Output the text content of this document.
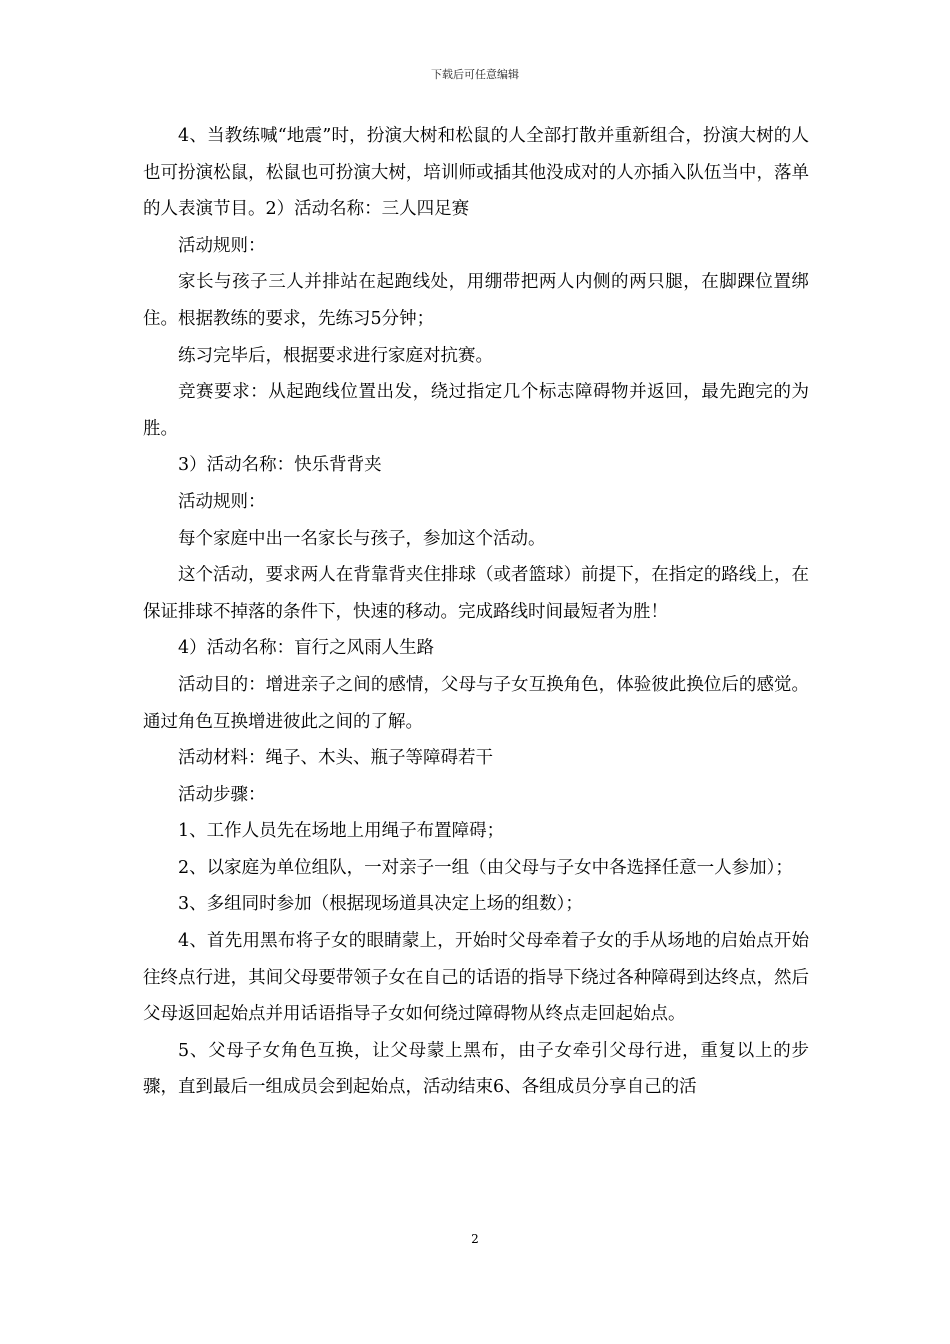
下载后可任意编辑

4、当教练喊“地震”时，扮演大树和松鼠的人全部打散并重新组合，扮演大树的人也可扮演松鼠，松鼠也可扮演大树，培训师或插其他没成对的人亦插入队伍当中，落单的人表演节目。2）活动名称：三人四足赛

活动规则：

家长与孩子三人并排站在起跑线处，用绷带把两人内侧的两只腿，在脚踝位置绑住。根据教练的要求，先练习5分钟；

练习完毕后，根据要求进行家庭对抗赛。

竞赛要求：从起跑线位置出发，绕过指定几个标志障碍物并返回，最先跑完的为胜。

3）活动名称：快乐背背夹

活动规则：

每个家庭中出一名家长与孩子，参加这个活动。

这个活动，要求两人在背靠背夹住排球（或者篮球）前提下，在指定的路线上，在保证排球不掉落的条件下，快速的移动。完成路线时间最短者为胜！

4）活动名称：盲行之风雨人生路

活动目的：增进亲子之间的感情，父母与子女互换角色，体验彼此换位后的感觉。通过角色互换增进彼此之间的了解。

活动材料：绳子、木头、瓶子等障碍若干

活动步骤：

1、工作人员先在场地上用绳子布置障碍；

2、以家庭为单位组队，一对亲子一组（由父母与子女中各选择任意一人参加）；

3、多组同时参加（根据现场道具决定上场的组数）；

4、首先用黑布将子女的眼睛蒙上，开始时父母牵着子女的手从场地的启始点开始往终点行进，其间父母要带领子女在自己的话语的指导下绕过各种障碍到达终点，然后父母返回起始点并用话语指导子女如何绕过障碍物从终点走回起始点。

5、父母子女角色互换，让父母蒙上黑布，由子女牵引父母行进，重复以上的步骤，直到最后一组成员会到起始点，活动结束6、各组成员分享自己的活

2
